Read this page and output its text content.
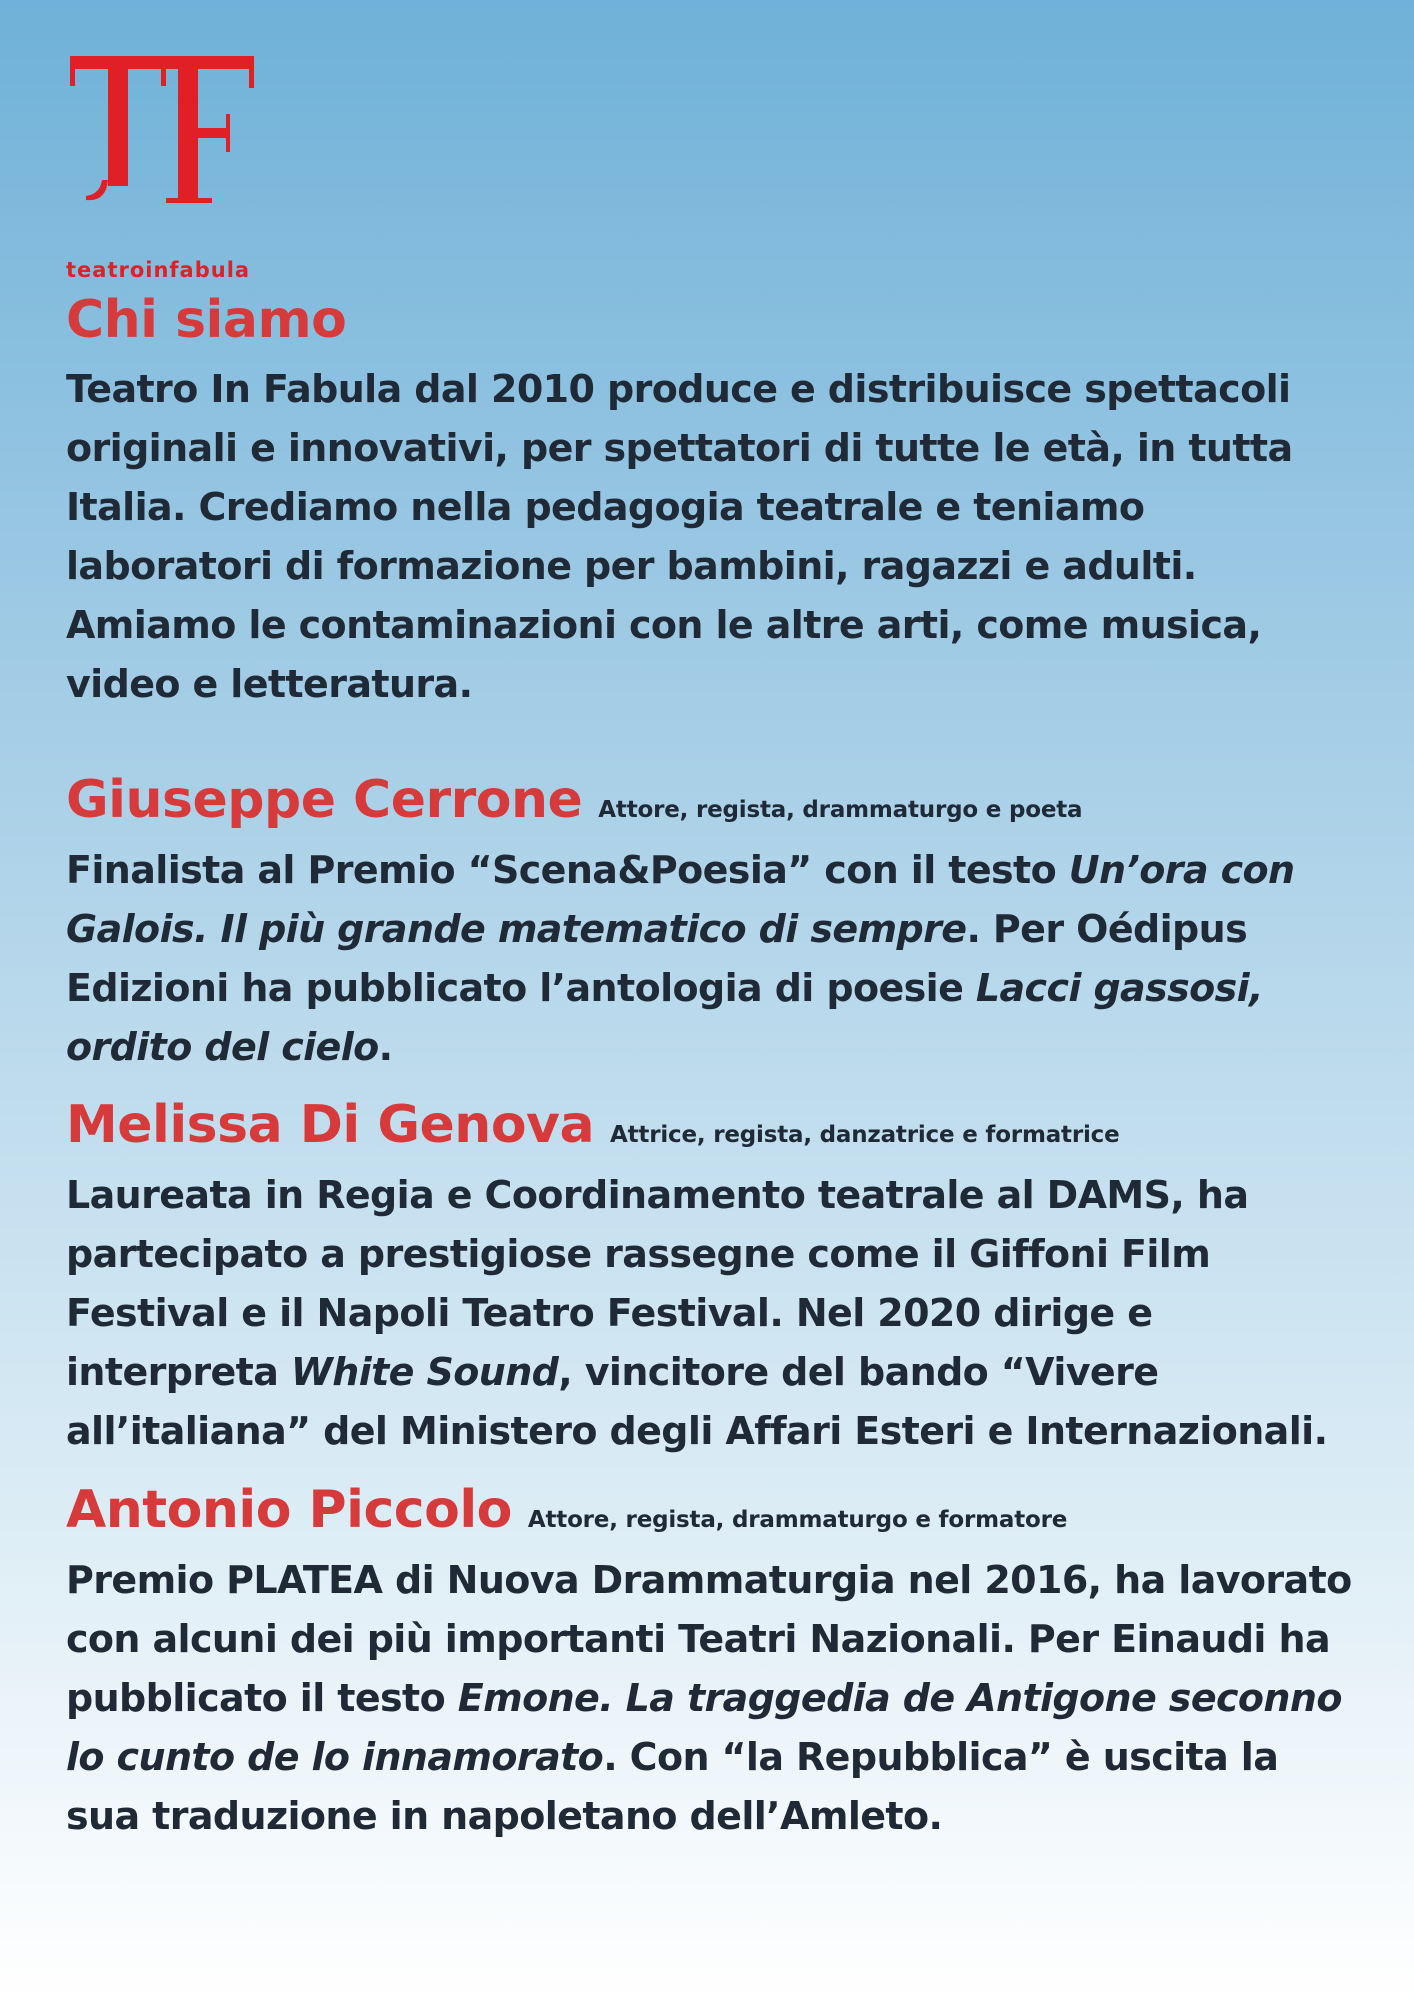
teatroinfabula
Chi siamo

Teatro In Fabula dal 2010 produce e distribuisce spettacoli originali e innovativi, per spettatori di tutte le età, in tutta Italia. Crediamo nella pedagogia teatrale e teniamo laboratori di formazione per bambini, ragazzi e adulti. Amiamo le contaminazioni con le altre arti, come musica, video e letteratura.

Giuseppe Cerrone Attore, regista, drammaturgo e poeta

Finalista al Premio “Scena&Poesia” con il testo Un’ora con Galois. Il più grande matematico di sempre. Per Oédipus Edizioni ha pubblicato l’antologia di poesie Lacci gassosi, ordito del cielo.

Melissa Di Genova Attrice, regista, danzatrice e formatrice

Laureata in Regia e Coordinamento teatrale al DAMS, ha partecipato a prestigiose rassegne come il Giffoni Film Festival e il Napoli Teatro Festival. Nel 2020 dirige e interpreta White Sound, vincitore del bando “Vivere all’italiana” del Ministero degli Affari Esteri e Internazionali.

Antonio Piccolo Attore, regista, drammaturgo e formatore

Premio PLATEA di Nuova Drammaturgia nel 2016, ha lavorato con alcuni dei più importanti Teatri Nazionali. Per Einaudi ha pubblicato il testo Emone. La traggedia de Antigone seconno lo cunto de lo innamorato. Con “la Repubblica” è uscita la sua traduzione in napoletano dell’Amleto.
